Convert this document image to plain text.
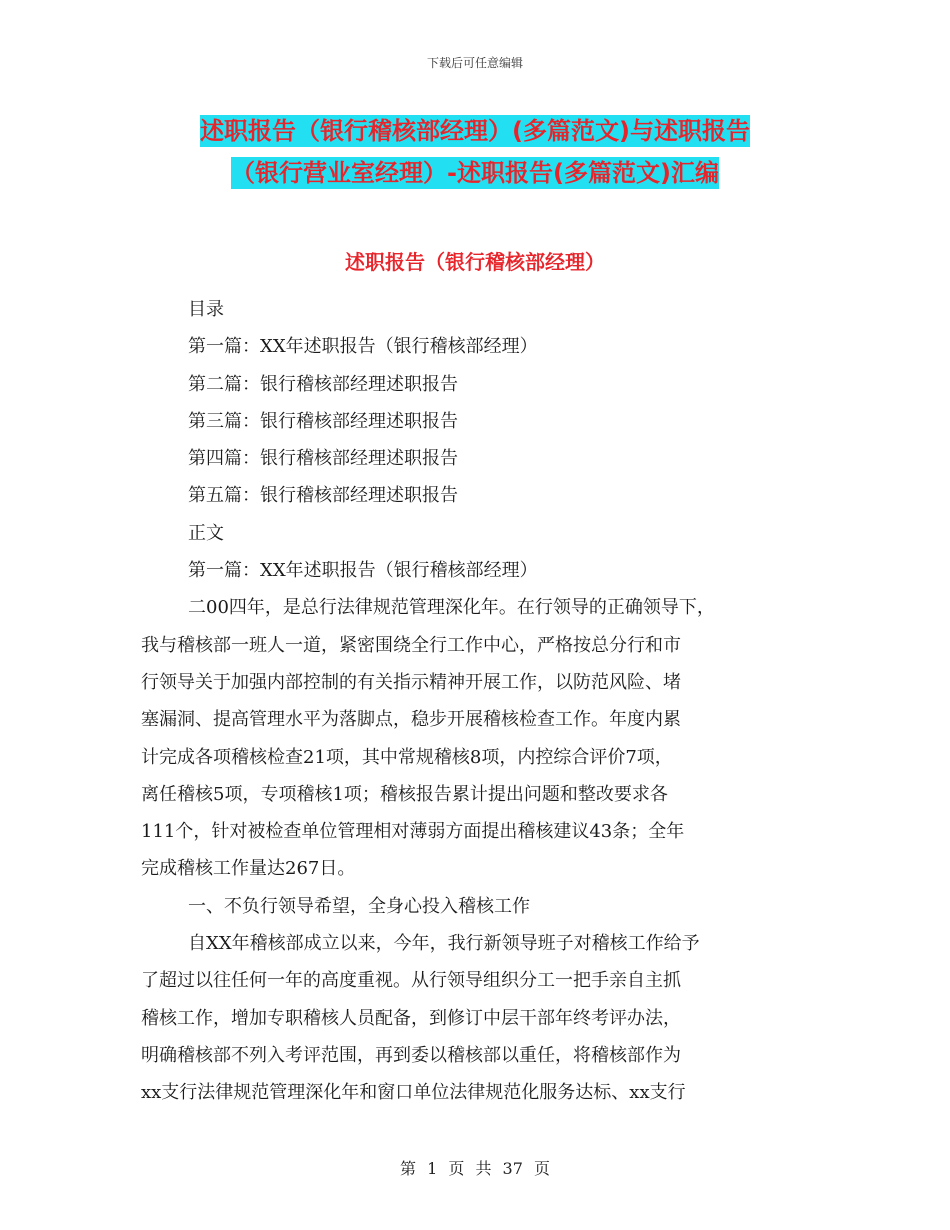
下载后可任意编辑
述职报告（银行稽核部经理）(多篇范文)与述职报告
（银行营业室经理）-述职报告(多篇范文)汇编
述职报告（银行稽核部经理）
目录
第一篇：XX年述职报告（银行稽核部经理）
第二篇：银行稽核部经理述职报告
第三篇：银行稽核部经理述职报告
第四篇：银行稽核部经理述职报告
第五篇：银行稽核部经理述职报告
正文
第一篇：XX年述职报告（银行稽核部经理）
二00四年，是总行法律规范管理深化年。在行领导的正确领导下，
我与稽核部一班人一道，紧密围绕全行工作中心，严格按总分行和市
行领导关于加强内部控制的有关指示精神开展工作，以防范风险、堵
塞漏洞、提高管理水平为落脚点，稳步开展稽核检查工作。年度内累
计完成各项稽核检查21项，其中常规稽核8项，内控综合评价7项，
离任稽核5项，专项稽核1项；稽核报告累计提出问题和整改要求各
111个，针对被检查单位管理相对薄弱方面提出稽核建议43条；全年
完成稽核工作量达267日。
一、不负行领导希望，全身心投入稽核工作
自XX年稽核部成立以来，今年，我行新领导班子对稽核工作给予
了超过以往任何一年的高度重视。从行领导组织分工一把手亲自主抓
稽核工作，增加专职稽核人员配备，到修订中层干部年终考评办法，
明确稽核部不列入考评范围，再到委以稽核部以重任，将稽核部作为
xx支行法律规范管理深化年和窗口单位法律规范化服务达标、xx支行
第 1 页 共 37 页
